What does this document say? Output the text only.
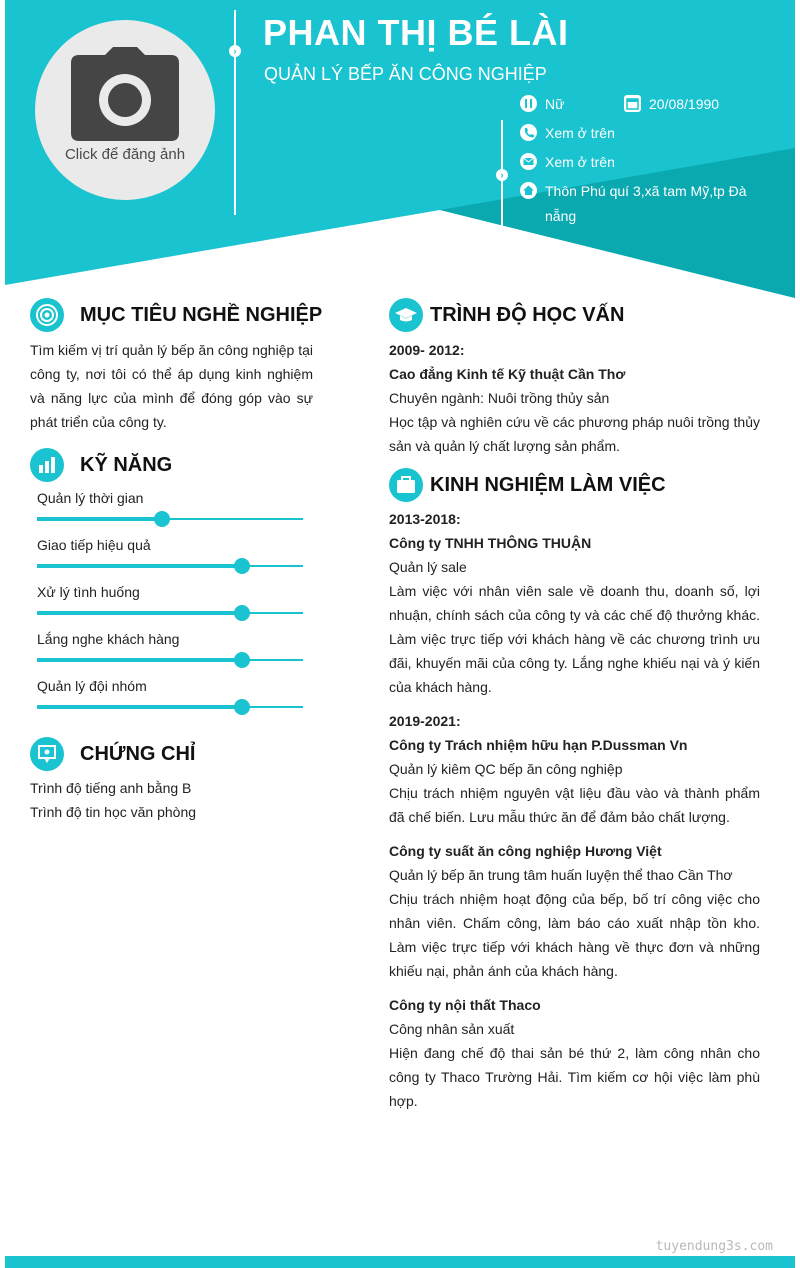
Click để đăng ảnh
› PHAN THỊ BÉ LÀI
QUẢN LÝ BẾP ĂN CÔNG NGHIỆP
›
Nữ	20/08/1990
Xem ở trên
Xem ở trên
Thôn Phú quí 3,xã tam Mỹ,tp Đà
nẵng
MỤC TIÊU NGHỀ NGHIỆP
Tìm kiếm vị trí quản lý bếp ăn công nghiệp tại công ty, nơi tôi có thể áp dụng kinh nghiệm và năng lực của mình để đóng góp vào sự phát triển của công ty.
KỸ NĂNG
Quản lý thời gian
Giao tiếp hiệu quả
Xử lý tình huống
Lắng nghe khách hàng
Quản lý đội nhóm
CHỨNG CHỈ
Trình độ tiếng anh bằng B
Trình độ tin học văn phòng
TRÌNH ĐỘ HỌC VẤN
2009- 2012:
Cao đẳng Kinh tế Kỹ thuật Cần Thơ
Chuyên ngành: Nuôi trồng thủy sản
Học tập và nghiên cứu về các phương pháp nuôi trồng thủy sản và quản lý chất lượng sản phẩm.
KINH NGHIỆM LÀM VIỆC
2013-2018:
Công ty TNHH THÔNG THUẬN
Quản lý sale
Làm việc với nhân viên sale về doanh thu, doanh số, lợi nhuận, chính sách của công ty và các chế độ thưởng khác. Làm việc trực tiếp với khách hàng về các chương trình ưu đãi, khuyến mãi của công ty. Lắng nghe khiếu nại và ý kiến của khách hàng.
2019-2021:
Công ty Trách nhiệm hữu hạn P.Dussman Vn
Quản lý kiêm QC bếp ăn công nghiệp
Chịu trách nhiệm nguyên vật liệu đầu vào và thành phẩm đã chế biến. Lưu mẫu thức ăn để đảm bảo chất lượng.
Công ty suất ăn công nghiệp Hương Việt
Quản lý bếp ăn trung tâm huấn luyện thể thao Cần Thơ
Chịu trách nhiệm hoạt động của bếp, bố trí công việc cho nhân viên. Chấm công, làm báo cáo xuất nhập tồn kho. Làm việc trực tiếp với khách hàng về thực đơn và những khiếu nại, phản ánh của khách hàng.
Công ty nội thất Thaco
Công nhân sản xuất
Hiện đang chế độ thai sản bé thứ 2, làm công nhân cho công ty Thaco Trường Hải. Tìm kiếm cơ hội việc làm phù hợp.
tuyendung3s.com
